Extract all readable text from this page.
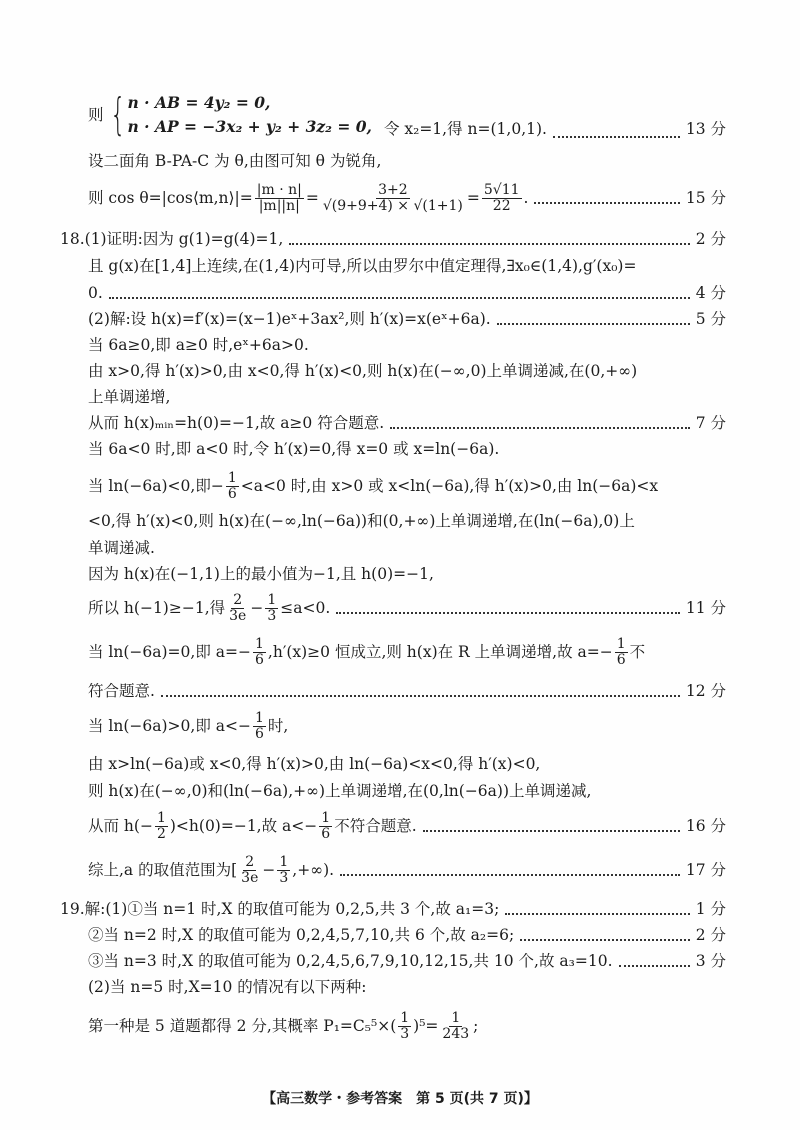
则 { n · AB = 4y₂ = 0,
n · AP = −3x₂ + y₂ + 3z₂ = 0, 令 x₂=1,得 n=(1,0,1).	13 分
设二面角 B-PA-C 为 θ,由图可知 θ 为锐角,
则 cos θ=|cos⟨m,n⟩|= $\frac{|m \cdot n|}{|m||n|} = \frac{3+2}{√(9+9+4) \times √(1+1)} = \frac{5√11}{22}$ .	15 分
18.(1)证明:因为 g(1)=g(4)=1,	2 分
且 g(x)在[1,4]上连续,在(1,4)内可导,所以由罗尔中值定理得,∃x₀∈(1,4),g′(x₀)=
0.	4 分
(2)解:设 h(x)=f′(x)=(x−1)eˣ+3ax²,则 h′(x)=x(eˣ+6a).	5 分
当 6a≥0,即 a≥0 时,eˣ+6a>0.
由 x>0,得 h′(x)>0,由 x<0,得 h′(x)<0,则 h(x)在(−∞,0)上单调递减,在(0,+∞)
上单调递增,
从而 h(x)ₘᵢₙ=h(0)=−1,故 a≥0 符合题意.	7 分
当 6a<0 时,即 a<0 时,令 h′(x)=0,得 x=0 或 x=ln(−6a).
当 ln(−6a)<0,即− $\frac{1}{6} <a<0$ 时,由 x>0 或 x<ln(−6a),得 h′(x)>0,由 ln(−6a)<x
<0,得 h′(x)<0,则 h(x)在(−∞,ln(−6a))和(0,+∞)上单调递增,在(ln(−6a),0)上
单调递减.
因为 h(x)在(−1,1)上的最小值为−1,且 h(0)=−1,
所以 h(−1)≥−1,得 $\frac{2}{3e} - \frac{1}{3} \le a<0$.	11 分
当 ln(−6a)=0,即 $a=- \frac{1}{6} ,h'(x)\ge 0$ 恒成立,则 h(x)在 R 上单调递增,故 $a=- \frac{1}{6}$ 不
符合题意.	12 分
当 ln(−6a)>0,即 $a<- \frac{1}{6}$ 时,
由 x>ln(−6a)或 x<0,得 h′(x)>0,由 ln(−6a)<x<0,得 h′(x)<0,
则 h(x)在(−∞,0)和(ln(−6a),+∞)上单调递增,在(0,ln(−6a))上单调递减,
从而 $h(- \frac{1}{2} )<h(0)=-1$,故 $a<- \frac{1}{6}$ 不符合题意.	16 分
综上,a 的取值范围为[ $\frac{2}{3e} - \frac{1}{3}$ ,+∞).	17 分
19.解:(1)①当 n=1 时,X 的取值可能为 0,2,5,共 3 个,故 a₁=3;	1 分
②当 n=2 时,X 的取值可能为 0,2,4,5,7,10,共 6 个,故 a₂=6;	2 分
③当 n=3 时,X 的取值可能为 0,2,4,5,6,7,9,10,12,15,共 10 个,故 a₃=10.	3 分
(2)当 n=5 时,X=10 的情况有以下两种:
第一种是 5 道题都得 2 分,其概率 $P_1=C_5^5\times( \frac{1}{3} )^5= \frac{1}{243}$ ;
【高三数学・参考答案　第 5 页(共 7 页)】
